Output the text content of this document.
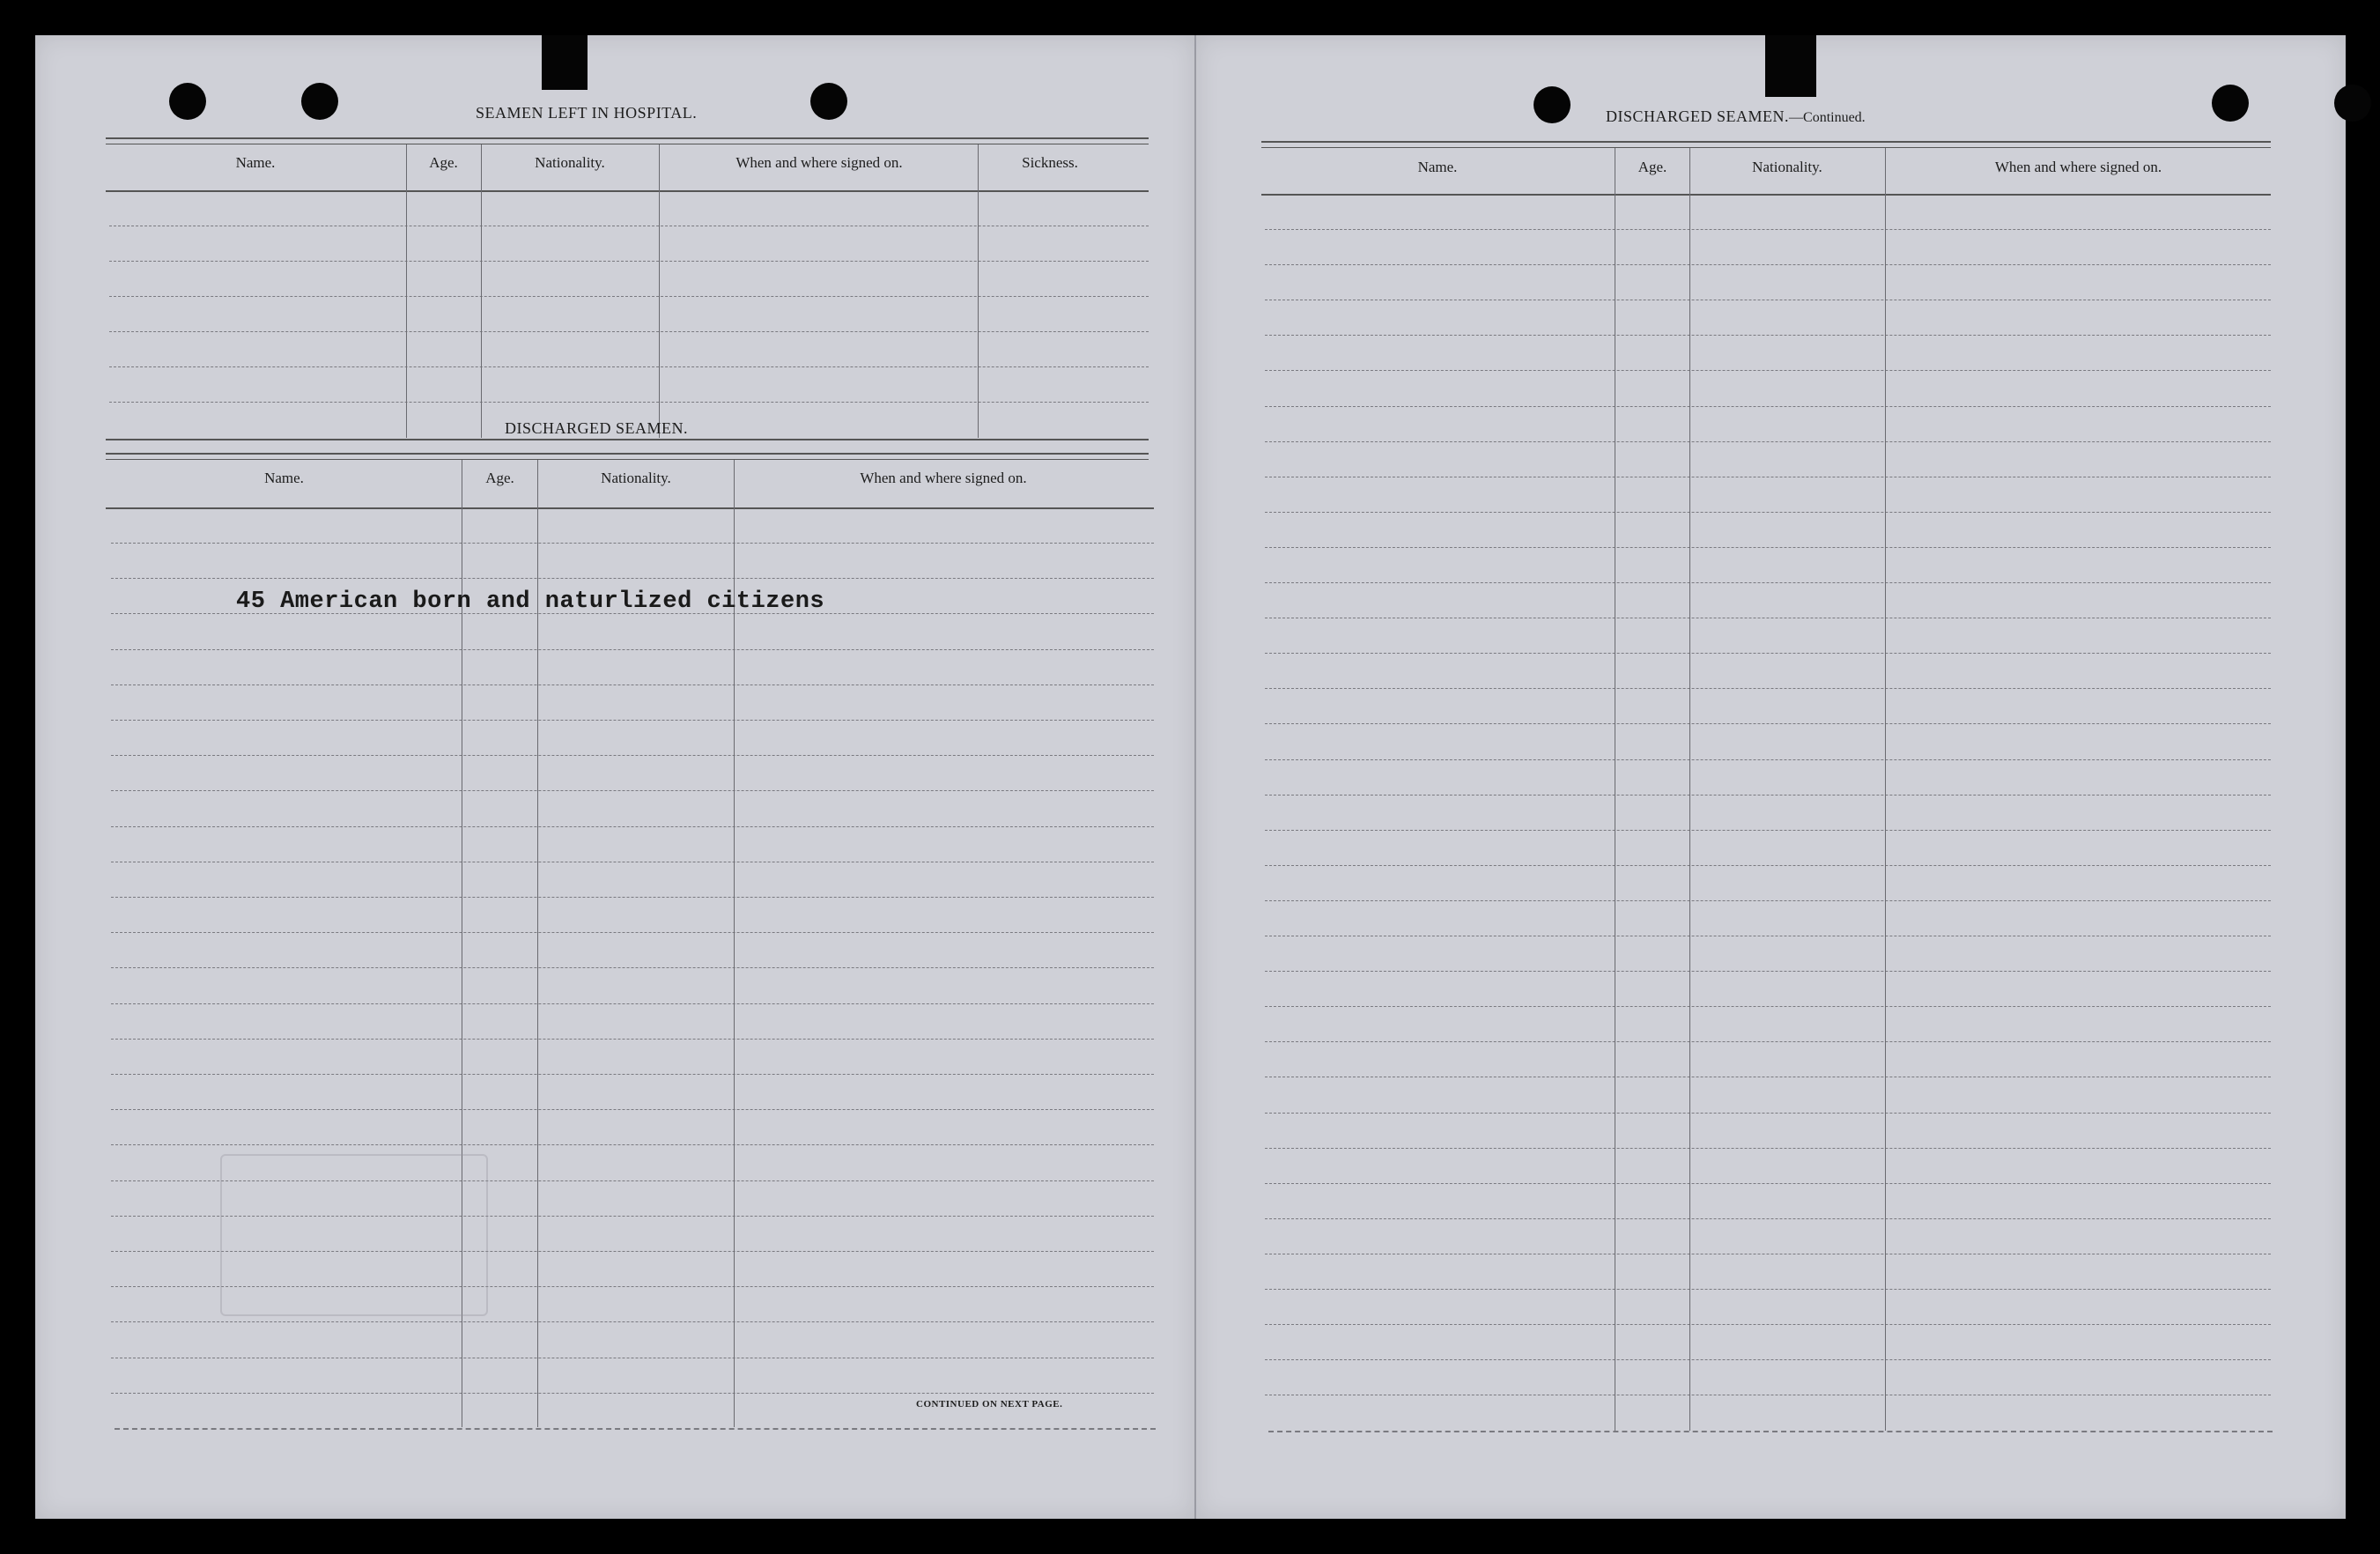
SEAMEN LEFT IN HOSPITAL.
Name.	Age.	Nationality.	When and where signed on.	Sickness.
DISCHARGED SEAMEN.
Name.	Age.	Nationality.	When and where signed on.
45 American born and naturlized citizens
CONTINUED ON NEXT PAGE.
DISCHARGED SEAMEN.—Continued.
Name.	Age.	Nationality.	When and where signed on.
